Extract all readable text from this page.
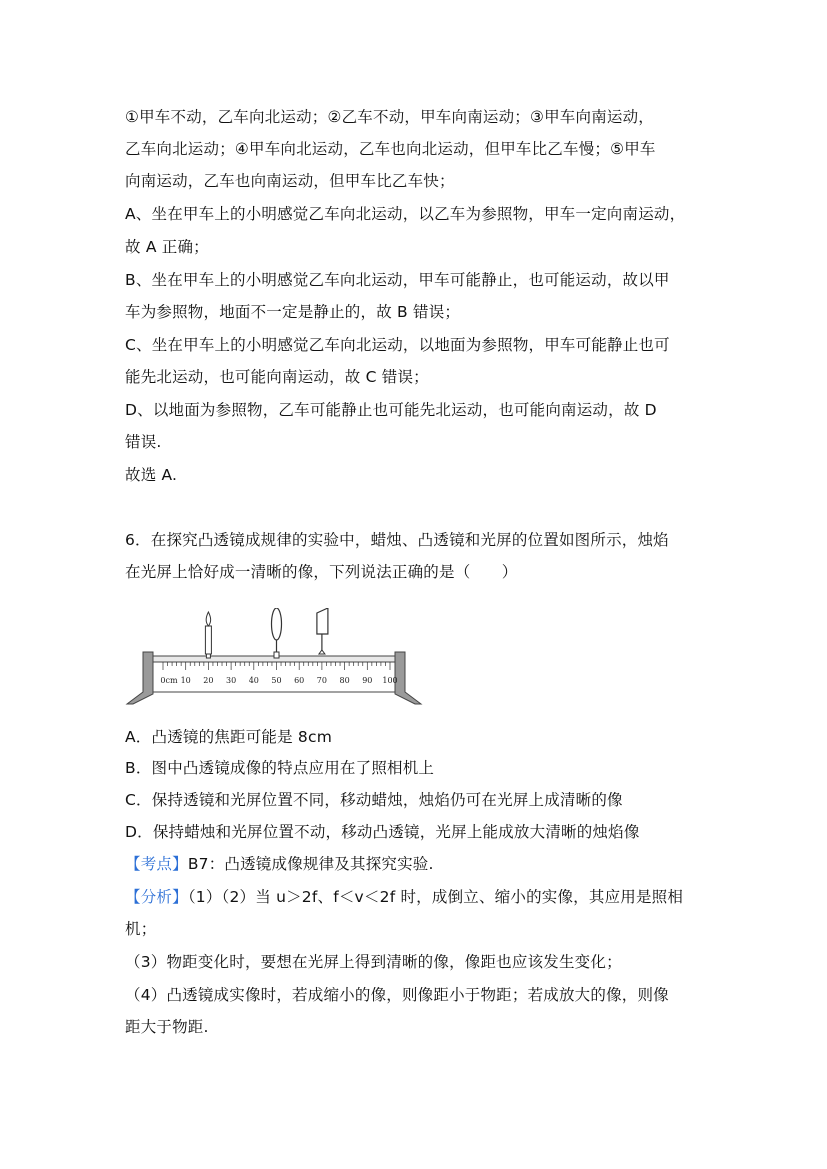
①甲车不动，乙车向北运动；②乙车不动，甲车向南运动；③甲车向南运动，
乙车向北运动；④甲车向北运动，乙车也向北运动，但甲车比乙车慢；⑤甲车
向南运动，乙车也向南运动，但甲车比乙车快；
A、坐在甲车上的小明感觉乙车向北运动，以乙车为参照物，甲车一定向南运动，
故 A 正确；
B、坐在甲车上的小明感觉乙车向北运动，甲车可能静止，也可能运动，故以甲
车为参照物，地面不一定是静止的，故 B 错误；
C、坐在甲车上的小明感觉乙车向北运动，以地面为参照物，甲车可能静止也可
能先北运动，也可能向南运动，故 C 错误；
D、以地面为参照物，乙车可能静止也可能先北运动，也可能向南运动，故 D
错误.
故选 A.
6．在探究凸透镜成规律的实验中，蜡烛、凸透镜和光屏的位置如图所示，烛焰
在光屏上恰好成一清晰的像，下列说法正确的是（　　）
0cm 10 20 30 40 50 60 70 80 90 100
A．凸透镜的焦距可能是 8cm
B．图中凸透镜成像的特点应用在了照相机上
C．保持透镜和光屏位置不同，移动蜡烛，烛焰仍可在光屏上成清晰的像
D．保持蜡烛和光屏位置不动，移动凸透镜，光屏上能成放大清晰的烛焰像
【考点】B7：凸透镜成像规律及其探究实验.
【分析】（1）（2）当 u＞2f、f＜v＜2f 时，成倒立、缩小的实像，其应用是照相
机；
（3）物距变化时，要想在光屏上得到清晰的像，像距也应该发生变化；
（4）凸透镜成实像时，若成缩小的像，则像距小于物距；若成放大的像，则像
距大于物距.
